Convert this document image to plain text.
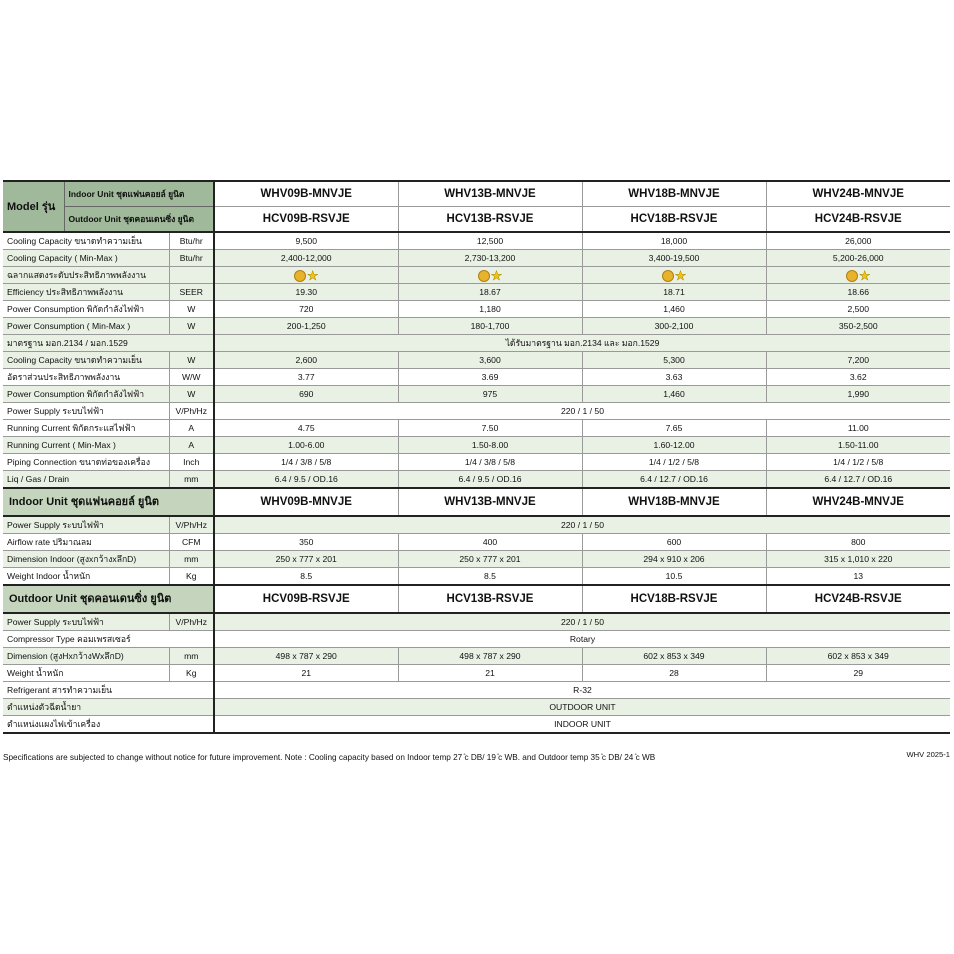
Model รุ่น	Indoor Unit ชุดแฟนคอยล์ ยูนิต		WHV09B-MNVJE	WHV13B-MNVJE	WHV18B-MNVJE	WHV24B-MNVJE
	Outdoor Unit ชุดคอนเดนซิ่ง ยูนิต		HCV09B-RSVJE	HCV13B-RSVJE	HCV18B-RSVJE	HCV24B-RSVJE
Cooling Capacity ขนาดทำความเย็น		Btu/hr	9,500	12,500	18,000	26,000
Cooling Capacity ( Min-Max )		Btu/hr	2,400-12,000	2,730-13,200	3,400-19,500	5,200-26,000
ฉลากแสดงระดับประสิทธิภาพพลังงาน			★	★	★	★

Efficiency ประสิทธิภาพพลังงาน		SEER	19.30	18.67	18.71	18.66
Power Consumption พิกัดกำลังไฟฟ้า		W	720	1,180	1,460	2,500
Power Consumption ( Min-Max )		W	200-1,250	180-1,700	300-2,100	350-2,500
มาตรฐาน มอก.2134 / มอก.1529			ได้รับมาตรฐาน มอก.2134 และ มอก.1529			
Cooling Capacity ขนาดทำความเย็น		W	2,600	3,600	5,300	7,200
อัตราส่วนประสิทธิภาพพลังงาน		W/W	3.77	3.69	3.63	3.62
Power Consumption พิกัดกำลังไฟฟ้า		W	690	975	1,460	1,990
Power Supply ระบบไฟฟ้า		V/Ph/Hz	220 / 1 / 50			
Running Current พิกัดกระแสไฟฟ้า		A	4.75	7.50	7.65	11.00
Running Current ( Min-Max )		A	1.00-6.00	1.50-8.00	1.60-12.00	1.50-11.00
Piping Connection ขนาดท่อของเครื่อง		Inch	1/4 / 3/8 / 5/8	1/4 / 3/8 / 5/8	1/4 / 1/2 / 5/8	1/4 / 1/2 / 5/8
Liq / Gas / Drain		mm	6.4 / 9.5 / OD.16	6.4 / 9.5 / OD.16	6.4 / 12.7 / OD.16	6.4 / 12.7 / OD.16
Indoor Unit ชุดแฟนคอยล์ ยูนิต			WHV09B-MNVJE	WHV13B-MNVJE	WHV18B-MNVJE	WHV24B-MNVJE
Power Supply ระบบไฟฟ้า		V/Ph/Hz	220 / 1 / 50			
Airflow rate ปริมาณลม		CFM	350	400	600	800
Dimension Indoor (สูงxกว้างxลึกD)		mm	250 x 777 x 201	250 x 777 x 201	294 x 910 x 206	315 x 1,010 x 220
Weight Indoor น้ำหนัก		Kg	8.5	8.5	10.5	13
Outdoor Unit ชุดคอนเดนซิ่ง ยูนิต			HCV09B-RSVJE	HCV13B-RSVJE	HCV18B-RSVJE	HCV24B-RSVJE
Power Supply ระบบไฟฟ้า		V/Ph/Hz	220 / 1 / 50			
Compressor Type คอมเพรสเซอร์			Rotary			
Dimension (สูงHxกว้างWxลึกD)		mm	498 x 787 x 290	498 x 787 x 290	602 x 853 x 349	602 x 853 x 349
Weight น้ำหนัก		Kg	21	21	28	29
Refrigerant สารทำความเย็น			R-32			
ตำแหน่งตัวฉีดน้ำยา			OUTDOOR UNIT			
ตำแหน่งแผงไฟเข้าเครื่อง			INDOOR UNIT			
Specifications are subjected to change without notice for future improvement. Note : Cooling capacity based on Indoor temp 27 ̊c DB/ 19 ̊c WB. and Outdoor temp 35 ̊c DB/ 24 ̊c WB	WHV 2025-1
